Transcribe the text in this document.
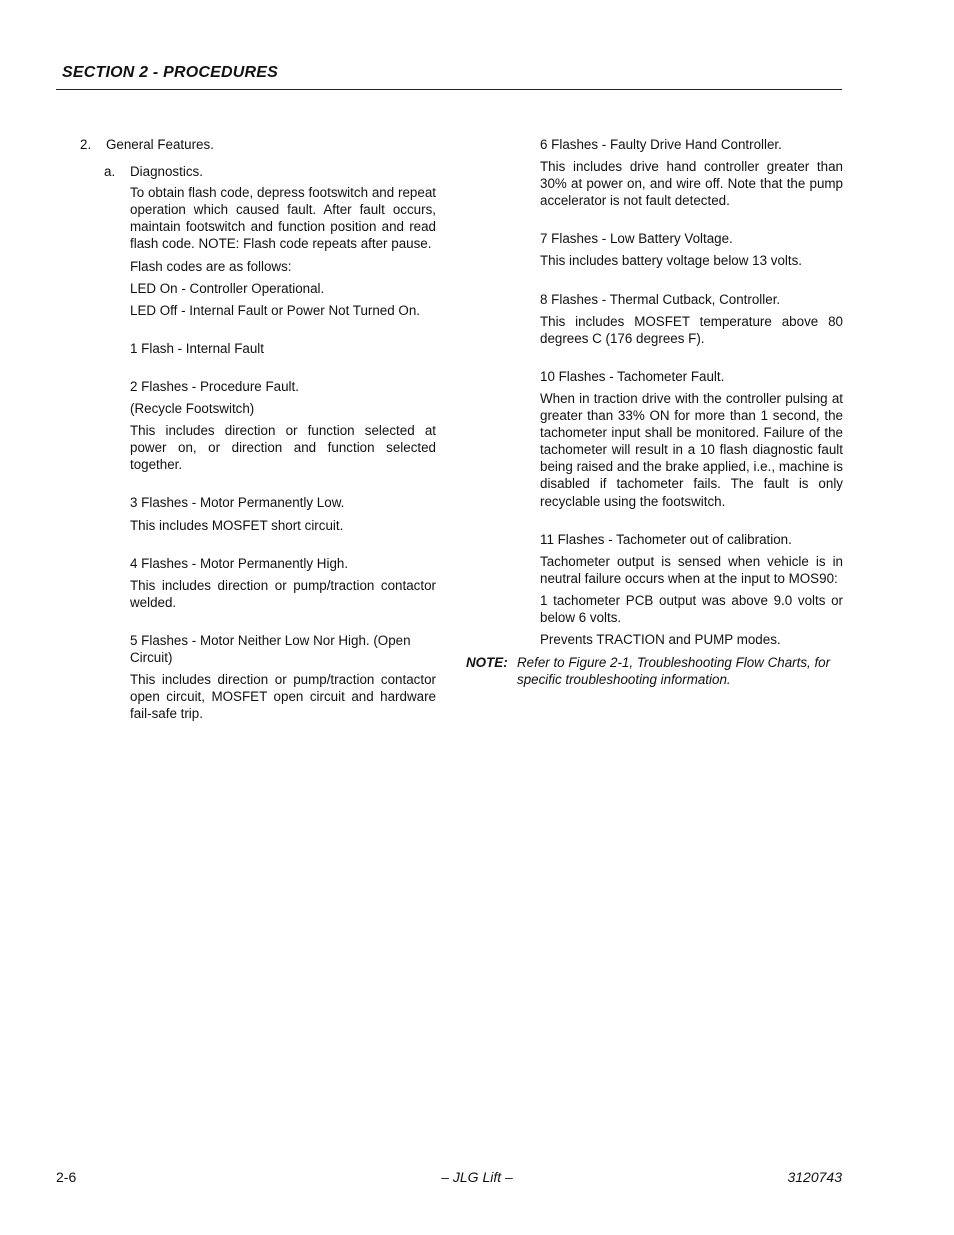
SECTION 2 - PROCEDURES
2.	General Features.
a.	Diagnostics.

To obtain flash code, depress footswitch and repeat operation which caused fault. After fault occurs, maintain footswitch and function position and read flash code. NOTE: Flash code repeats after pause.

Flash codes are as follows:

LED On - Controller Operational.

LED Off - Internal Fault or Power Not Turned On.

1 Flash - Internal Fault

2 Flashes - Procedure Fault.

(Recycle Footswitch)

This includes direction or function selected at power on, or direction and function selected together.

3 Flashes - Motor Permanently Low.

This includes MOSFET short circuit.

4 Flashes - Motor Permanently High.

This includes direction or pump/traction contactor welded.

5 Flashes - Motor Neither Low Nor High. (Open Circuit)

This includes direction or pump/traction contactor open circuit, MOSFET open circuit and hardware fail-safe trip.

6 Flashes - Faulty Drive Hand Controller.

This includes drive hand controller greater than 30% at power on, and wire off. Note that the pump accelerator is not fault detected.

7 Flashes - Low Battery Voltage.

This includes battery voltage below 13 volts.

8 Flashes - Thermal Cutback, Controller.

This includes MOSFET temperature above 80 degrees C (176 degrees F).

10 Flashes - Tachometer Fault.

When in traction drive with the controller pulsing at greater than 33% ON for more than 1 second, the tachometer input shall be monitored. Failure of the tachometer will result in a 10 flash diagnostic fault being raised and the brake applied, i.e., machine is disabled if tachometer fails. The fault is only recyclable using the footswitch.

11 Flashes - Tachometer out of calibration.

Tachometer output is sensed when vehicle is in neutral failure occurs when at the input to MOS90:

1 tachometer PCB output was above 9.0 volts or below 6 volts.

Prevents TRACTION and PUMP modes.

NOTE: Refer to Figure 2-1, Troubleshooting Flow Charts, for specific troubleshooting information.
2-6	– JLG Lift –	3120743
